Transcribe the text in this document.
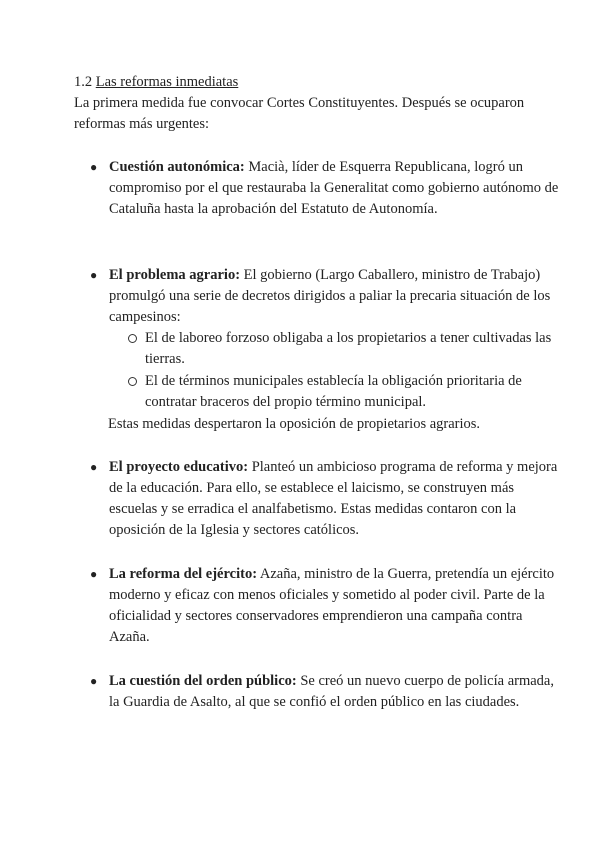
1.2 Las reformas inmediatas
La primera medida fue convocar Cortes Constituyentes. Después se ocuparon reformas más urgentes:
● Cuestión autonómica: Macià, líder de Esquerra Republicana, logró un compromiso por el que restauraba la Generalitat como gobierno autónomo de Cataluña hasta la aprobación del Estatuto de Autonomía.
● El problema agrario: El gobierno (Largo Caballero, ministro de Trabajo) promulgó una serie de decretos dirigidos a paliar la precaria situación de los campesinos:
El de laboreo forzoso obligaba a los propietarios a tener cultivadas las tierras.
El de términos municipales establecía la obligación prioritaria de contratar braceros del propio término municipal.
Estas medidas despertaron la oposición de propietarios agrarios.
● El proyecto educativo: Planteó un ambicioso programa de reforma y mejora de la educación. Para ello, se establece el laicismo, se construyen más escuelas y se erradica el analfabetismo. Estas medidas contaron con la oposición de la Iglesia y sectores católicos.
● La reforma del ejército: Azaña, ministro de la Guerra, pretendía un ejército moderno y eficaz con menos oficiales y sometido al poder civil. Parte de la oficialidad y sectores conservadores emprendieron una campaña contra Azaña.
● La cuestión del orden público: Se creó un nuevo cuerpo de policía armada, la Guardia de Asalto, al que se confió el orden público en las ciudades.
